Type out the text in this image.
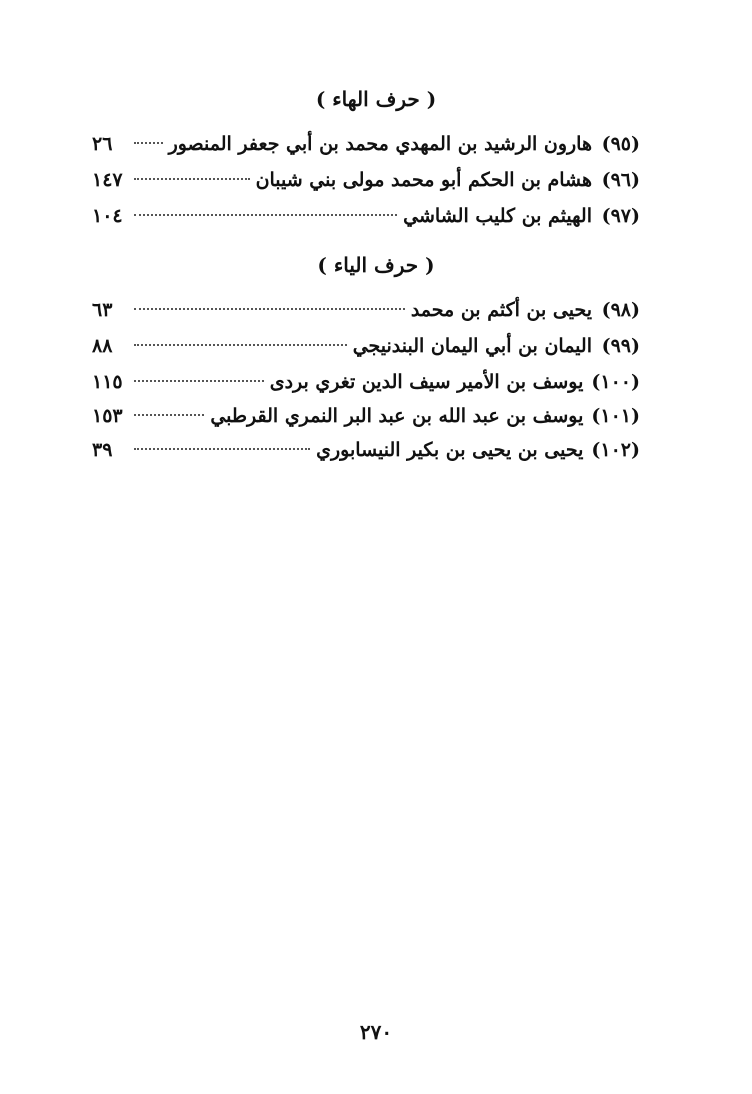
( حرف الهاء )
(٩٥)
هارون الرشيد بن المهدي محمد بن أبي جعفر المنصور
٢٦
(٩٦)
هشام بن الحكم أبو محمد مولى بني شيبان
١٤٧
(٩٧)
الهيثم بن كليب الشاشي
١٠٤
( حرف الياء )
(٩٨)
يحيى بن أكثم بن محمد
٦٣
(٩٩)
اليمان بن أبي اليمان البندنيجي
٨٨
(١٠٠)
يوسف بن الأمير سيف الدين تغري بردى
١١٥
(١٠١)
يوسف بن عبد الله بن عبد البر النمري القرطبي
١٥٣
(١٠٢)
يحيى بن يحيى بن بكير النيسابوري
٣٩
٢٧٠
